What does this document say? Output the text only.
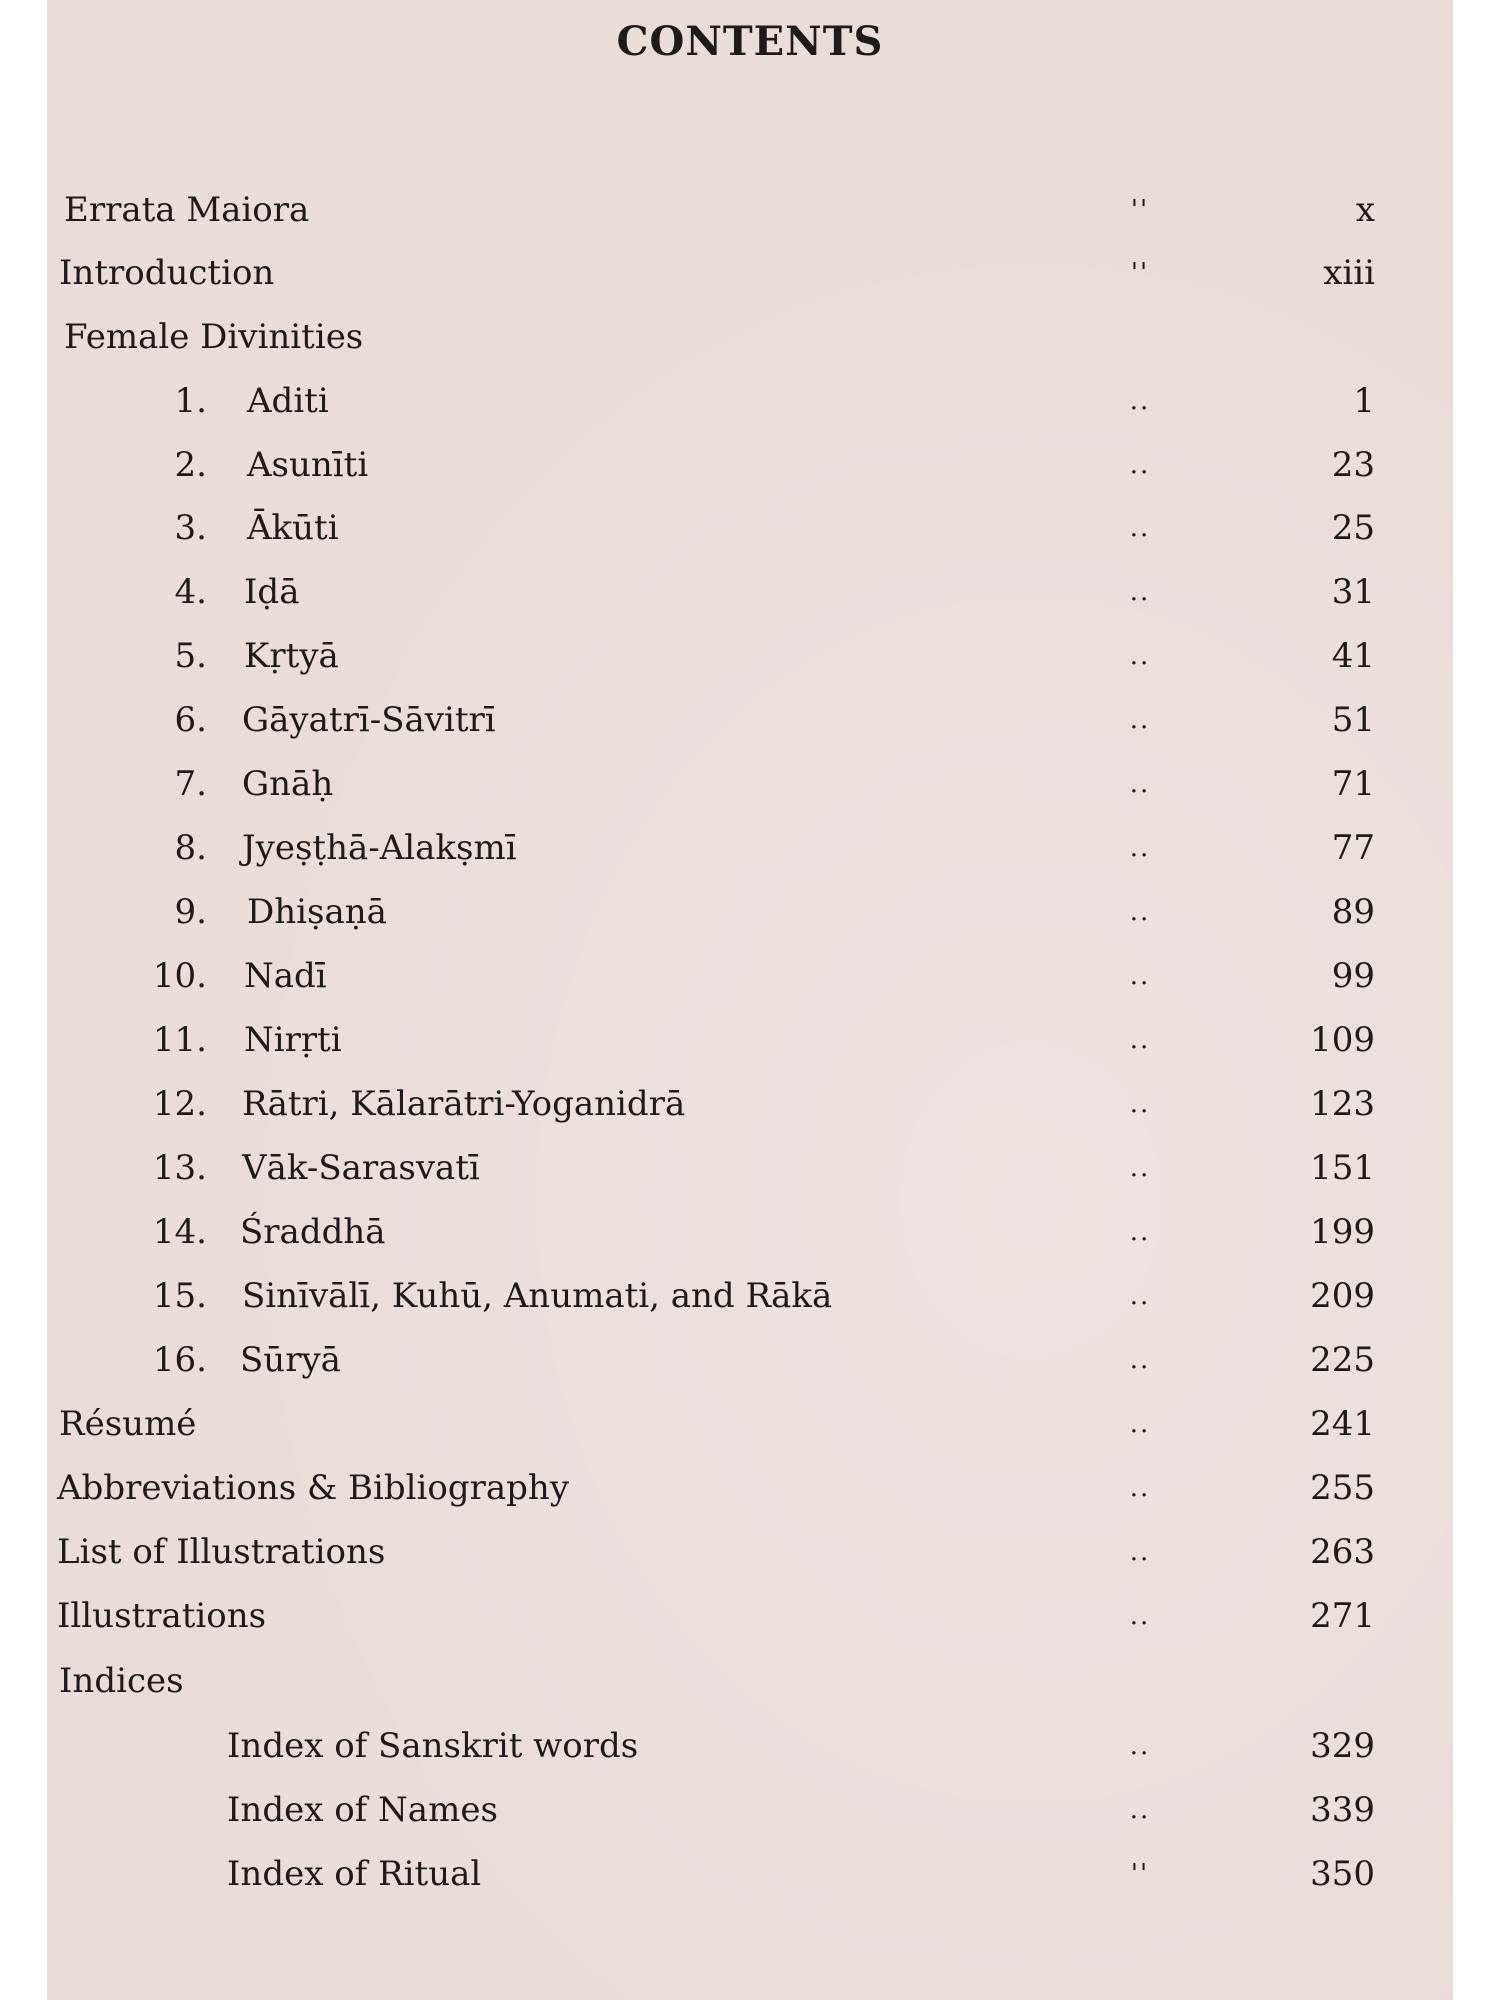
CONTENTS
Errata Maiora	''	x
Introduction	''	xiii
Female Divinities
1. Aditi	..	1
2. Asunīti	..	23
3. Ākūti	..	25
4. Iḍā	..	31
5. Kṛtyā	..	41
6. Gāyatrī-Sāvitrī	..	51
7. Gnāḥ	..	71
8. Jyeṣṭhā-Alakṣmī	..	77
9. Dhiṣaṇā	..	89
10. Nadī	..	99
11. Nirṛti	..	109
12. Rātri, Kālarātri-Yoganidrā	..	123
13. Vāk-Sarasvatī	..	151
14. Śraddhā	..	199
15. Sinīvālī, Kuhū, Anumati, and Rākā	..	209
16. Sūryā	..	225
Résumé	..	241
Abbreviations & Bibliography	..	255
List of Illustrations	..	263
Illustrations	..	271
Indices
Index of Sanskrit words	..	329
Index of Names	..	339
Index of Ritual	''	350
